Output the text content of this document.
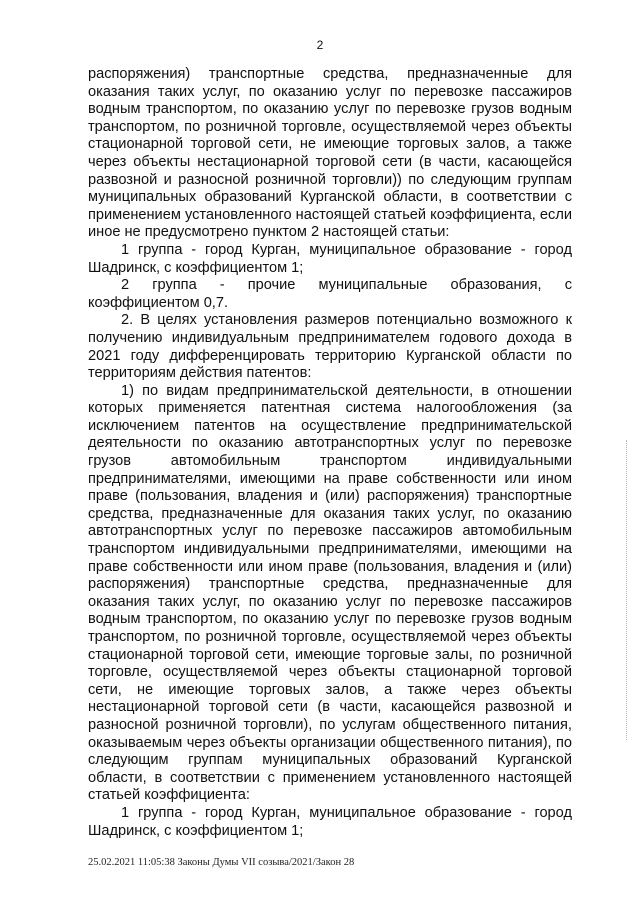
2

распоряжения) транспортные средства, предназначенные для оказания таких услуг, по оказанию услуг по перевозке пассажиров водным транспортом, по оказанию услуг по перевозке грузов водным транспортом, по розничной торговле, осуществляемой через объекты стационарной торговой сети, не имеющие торговых залов, а также через объекты нестационарной торговой сети (в части, касающейся развозной и разносной розничной торговли)) по следующим группам муниципальных образований Курганской области, в соответствии с применением установленного настоящей статьей коэффициента, если иное не предусмотрено пунктом 2 настоящей статьи:

1 группа - город Курган, муниципальное образование - город Шадринск, с коэффициентом 1;

2 группа - прочие муниципальные образования, с коэффициентом 0,7.

2. В целях установления размеров потенциально возможного к получению индивидуальным предпринимателем годового дохода в 2021 году дифференцировать территорию Курганской области по территориям действия патентов:

1) по видам предпринимательской деятельности, в отношении которых применяется патентная система налогообложения (за исключением патентов на осуществление предпринимательской деятельности по оказанию автотранспортных услуг по перевозке грузов автомобильным транспортом индивидуальными предпринимателями, имеющими на праве собственности или ином праве (пользования, владения и (или) распоряжения) транспортные средства, предназначенные для оказания таких услуг, по оказанию автотранспортных услуг по перевозке пассажиров автомобильным транспортом индивидуальными предпринимателями, имеющими на праве собственности или ином праве (пользования, владения и (или) распоряжения) транспортные средства, предназначенные для оказания таких услуг, по оказанию услуг по перевозке пассажиров водным транспортом, по оказанию услуг по перевозке грузов водным транспортом, по розничной торговле, осуществляемой через объекты стационарной торговой сети, имеющие торговые залы, по розничной торговле, осуществляемой через объекты стационарной торговой сети, не имеющие торговых залов, а также через объекты нестационарной торговой сети (в части, касающейся развозной и разносной розничной торговли), по услугам общественного питания, оказываемым через объекты организации общественного питания), по следующим группам муниципальных образований Курганской области, в соответствии с применением установленного настоящей статьей коэффициента:

1 группа - город Курган, муниципальное образование - город Шадринск, с коэффициентом 1;

25.02.2021 11:05:38 Законы Думы VII созыва/2021/Закон 28
